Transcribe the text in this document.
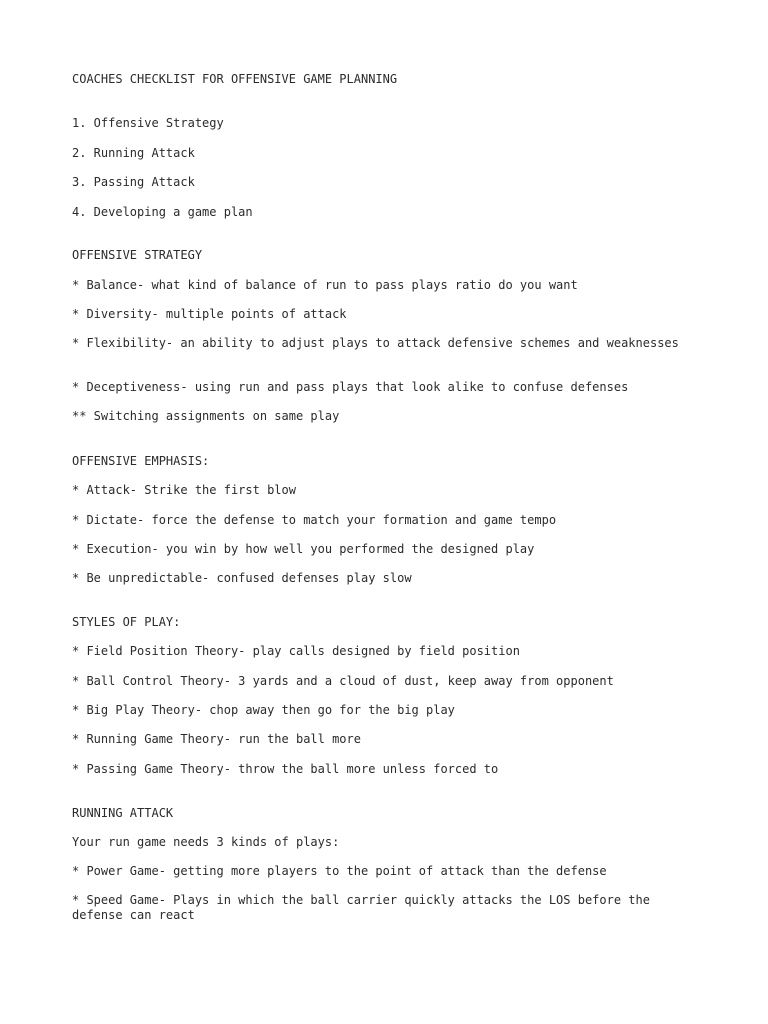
COACHES CHECKLIST FOR OFFENSIVE GAME PLANNING

1. Offensive Strategy

2. Running Attack

3. Passing Attack

4. Developing a game plan

OFFENSIVE STRATEGY

* Balance- what kind of balance of run to pass plays ratio do you want

* Diversity- multiple points of attack

* Flexibility- an ability to adjust plays to attack defensive schemes and weaknesses

* Deceptiveness- using run and pass plays that look alike to confuse defenses

** Switching assignments on same play

OFFENSIVE EMPHASIS:

* Attack- Strike the first blow

* Dictate- force the defense to match your formation and game tempo

* Execution- you win by how well you performed the designed play

* Be unpredictable- confused defenses play slow

STYLES OF PLAY:

* Field Position Theory- play calls designed by field position

* Ball Control Theory- 3 yards and a cloud of dust, keep away from opponent

* Big Play Theory- chop away then go for the big play

* Running Game Theory- run the ball more

* Passing Game Theory- throw the ball more unless forced to

RUNNING ATTACK

Your run game needs 3 kinds of plays:

* Power Game- getting more players to the point of attack than the defense

* Speed Game- Plays in which the ball carrier quickly attacks the LOS before the defense can react
